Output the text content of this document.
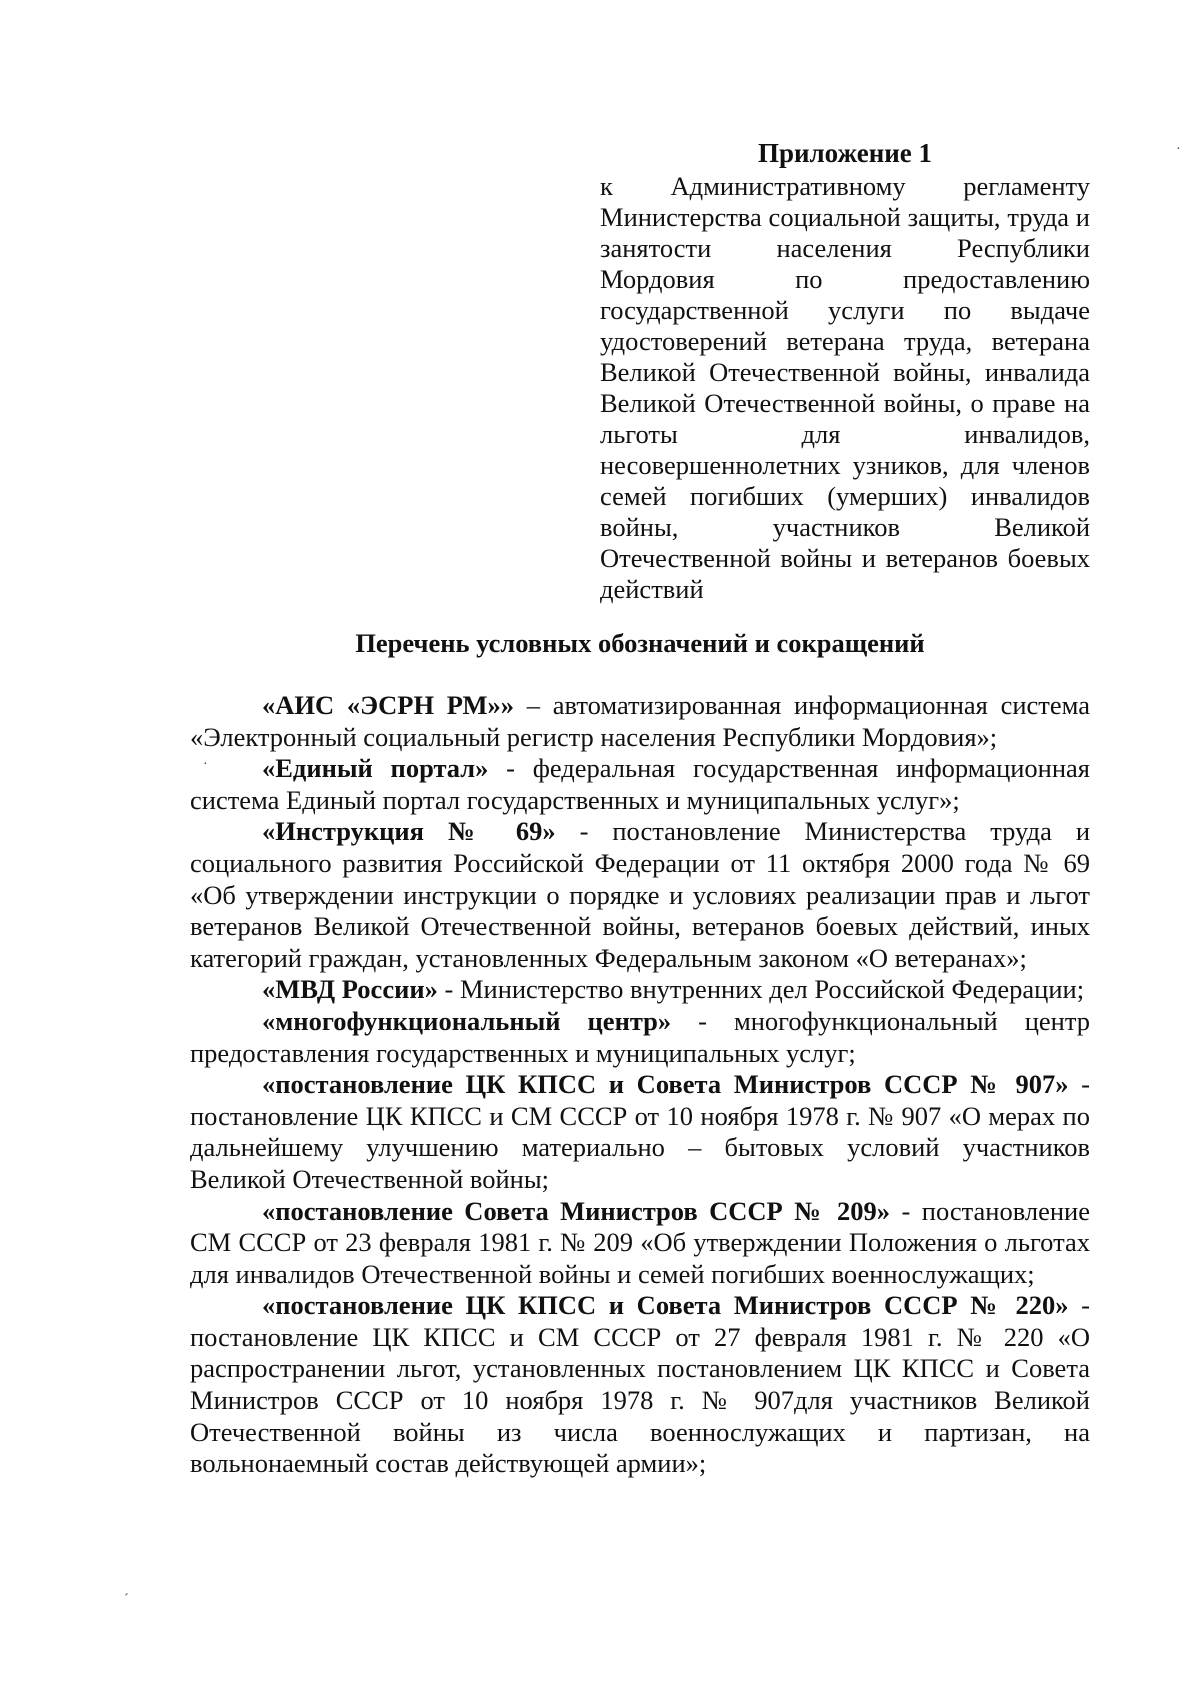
Приложение 1

к Административному регламенту Министерства социальной защиты, труда и занятости населения Республики Мордовия по предоставлению государственной услуги по выдаче удостоверений ветерана труда, ветерана Великой Отечественной войны, инвалида Великой Отечественной войны, о праве на льготы для инвалидов, несовершеннолетних узников, для членов семей погибших (умерших) инвалидов войны, участников Великой Отечественной войны и ветеранов боевых действий

Перечень условных обозначений и сокращений

«АИС «ЭСРН РМ»» – автоматизированная информационная система «Электронный социальный регистр населения Республики Мордовия»;

«Единый портал» - федеральная государственная информационная система Единый портал государственных и муниципальных услуг»;

«Инструкция № 69» - постановление Министерства труда и социального развития Российской Федерации от 11 октября 2000 года № 69 «Об утверждении инструкции о порядке и условиях реализации прав и льгот ветеранов Великой Отечественной войны, ветеранов боевых действий, иных категорий граждан, установленных Федеральным законом «О ветеранах»;

«МВД России» - Министерство внутренних дел Российской Федерации;

«многофункциональный центр» - многофункциональный центр предоставления государственных и муниципальных услуг;

«постановление ЦК КПСС и Совета Министров СССР № 907» - постановление ЦК КПСС и СМ СССР от 10 ноября 1978 г. № 907 «О мерах по дальнейшему улучшению материально – бытовых условий участников Великой Отечественной войны;

«постановление Совета Министров СССР № 209» - постановление СМ СССР от 23 февраля 1981 г. № 209 «Об утверждении Положения о льготах для инвалидов Отечественной войны и семей погибших военнослужащих;

«постановление ЦК КПСС и Совета Министров СССР № 220» - постановление ЦК КПСС и СМ СССР от 27 февраля 1981 г. № 220 «О распространении льгот, установленных постановлением ЦК КПСС и Совета Министров СССР от 10 ноября 1978 г. № 907для участников Великой Отечественной войны из числа военнослужащих и партизан, на вольнонаемный состав действующей армии»;

·
·
ˊ
